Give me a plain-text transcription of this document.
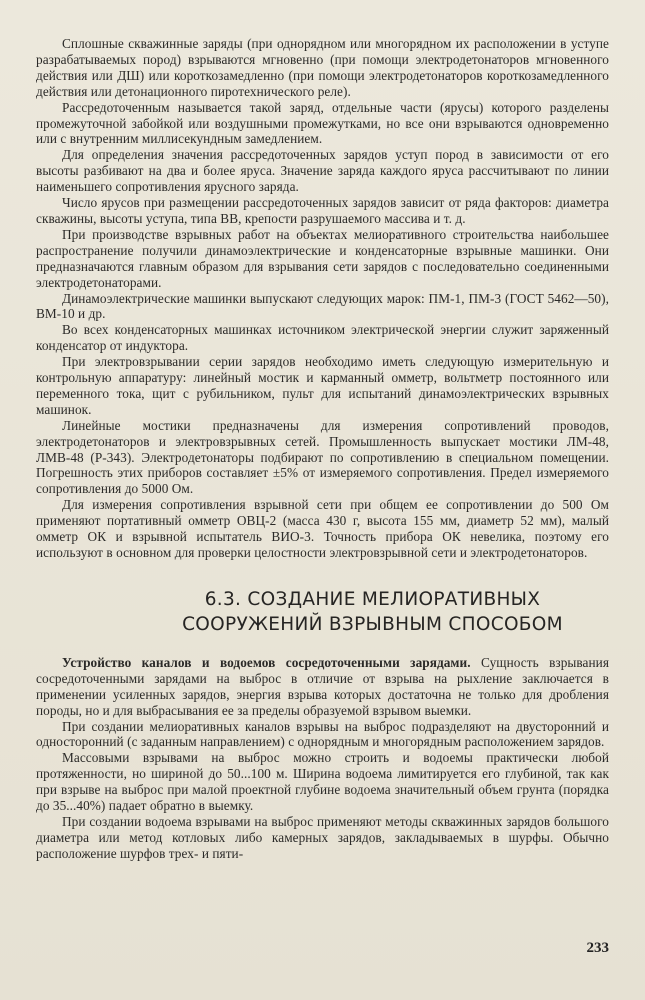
Сплошные скважинные заряды (при однорядном или многорядном их расположении в уступе разрабатываемых пород) взрываются мгновенно (при помощи электродетонаторов мгновенного действия или ДШ) или короткозамедленно (при помощи электродетонаторов короткозамедленного действия или детонационного пиротехнического реле).

Рассредоточенным называется такой заряд, отдельные части (ярусы) которого разделены промежуточной забойкой или воздушными промежутками, но все они взрываются одновременно или с внутренним миллисекундным замедлением.

Для определения значения рассредоточенных зарядов уступ пород в зависимости от его высоты разбивают на два и более яруса. Значение заряда каждого яруса рассчитывают по линии наименьшего сопротивления ярусного заряда.

Число ярусов при размещении рассредоточенных зарядов зависит от ряда факторов: диаметра скважины, высоты уступа, типа ВВ, крепости разрушаемого массива и т. д.

При производстве взрывных работ на объектах мелиоративного строительства наибольшее распространение получили динамоэлектрические и конденсаторные взрывные машинки. Они предназначаются главным образом для взрывания сети зарядов с последовательно соединенными электродетонаторами.

Динамоэлектрические машинки выпускают следующих марок: ПМ-1, ПМ-3 (ГОСТ 5462—50), ВМ-10 и др.

Во всех конденсаторных машинках источником электрической энергии служит заряженный конденсатор от индуктора.

При электровзрывании серии зарядов необходимо иметь следующую измерительную и контрольную аппаратуру: линейный мостик и карманный омметр, вольтметр постоянного или переменного тока, щит с рубильником, пульт для испытаний динамоэлектрических взрывных машинок.

Линейные мостики предназначены для измерения сопротивлений проводов, электродетонаторов и электровзрывных сетей. Промышленность выпускает мостики ЛМ-48, ЛМВ-48 (Р-343). Электродетонаторы подбирают по сопротивлению в специальном помещении. Погрешность этих приборов составляет ±5% от измеряемого сопротивления. Предел измеряемого сопротивления до 5000 Ом.

Для измерения сопротивления взрывной сети при общем ее сопротивлении до 500 Ом применяют портативный омметр ОВЦ-2 (масса 430 г, высота 155 мм, диаметр 52 мм), малый омметр ОК и взрывной испытатель ВИО-3. Точность прибора ОК невелика, поэтому его используют в основном для проверки целостности электровзрывной сети и электродетонаторов.

6.3. СОЗДАНИЕ МЕЛИОРАТИВНЫХ
СООРУЖЕНИЙ ВЗРЫВНЫМ СПОСОБОМ

Устройство каналов и водоемов сосредоточенными зарядами. Сущность взрывания сосредоточенными зарядами на выброс в отличие от взрыва на рыхление заключается в применении усиленных зарядов, энергия взрыва которых достаточна не только для дробления породы, но и для выбрасывания ее за пределы образуемой взрывом выемки.

При создании мелиоративных каналов взрывы на выброс подразделяют на двусторонний и односторонний (с заданным направлением) с однорядным и многорядным расположением зарядов.

Массовыми взрывами на выброс можно строить и водоемы практически любой протяженности, но шириной до 50...100 м. Ширина водоема лимитируется его глубиной, так как при взрыве на выброс при малой проектной глубине водоема значительный объем грунта (порядка до 35...40%) падает обратно в выемку.

При создании водоема взрывами на выброс применяют методы скважинных зарядов большого диаметра или метод котловых либо камерных зарядов, закладываемых в шурфы. Обычно расположение шурфов трех- и пяти-

233
